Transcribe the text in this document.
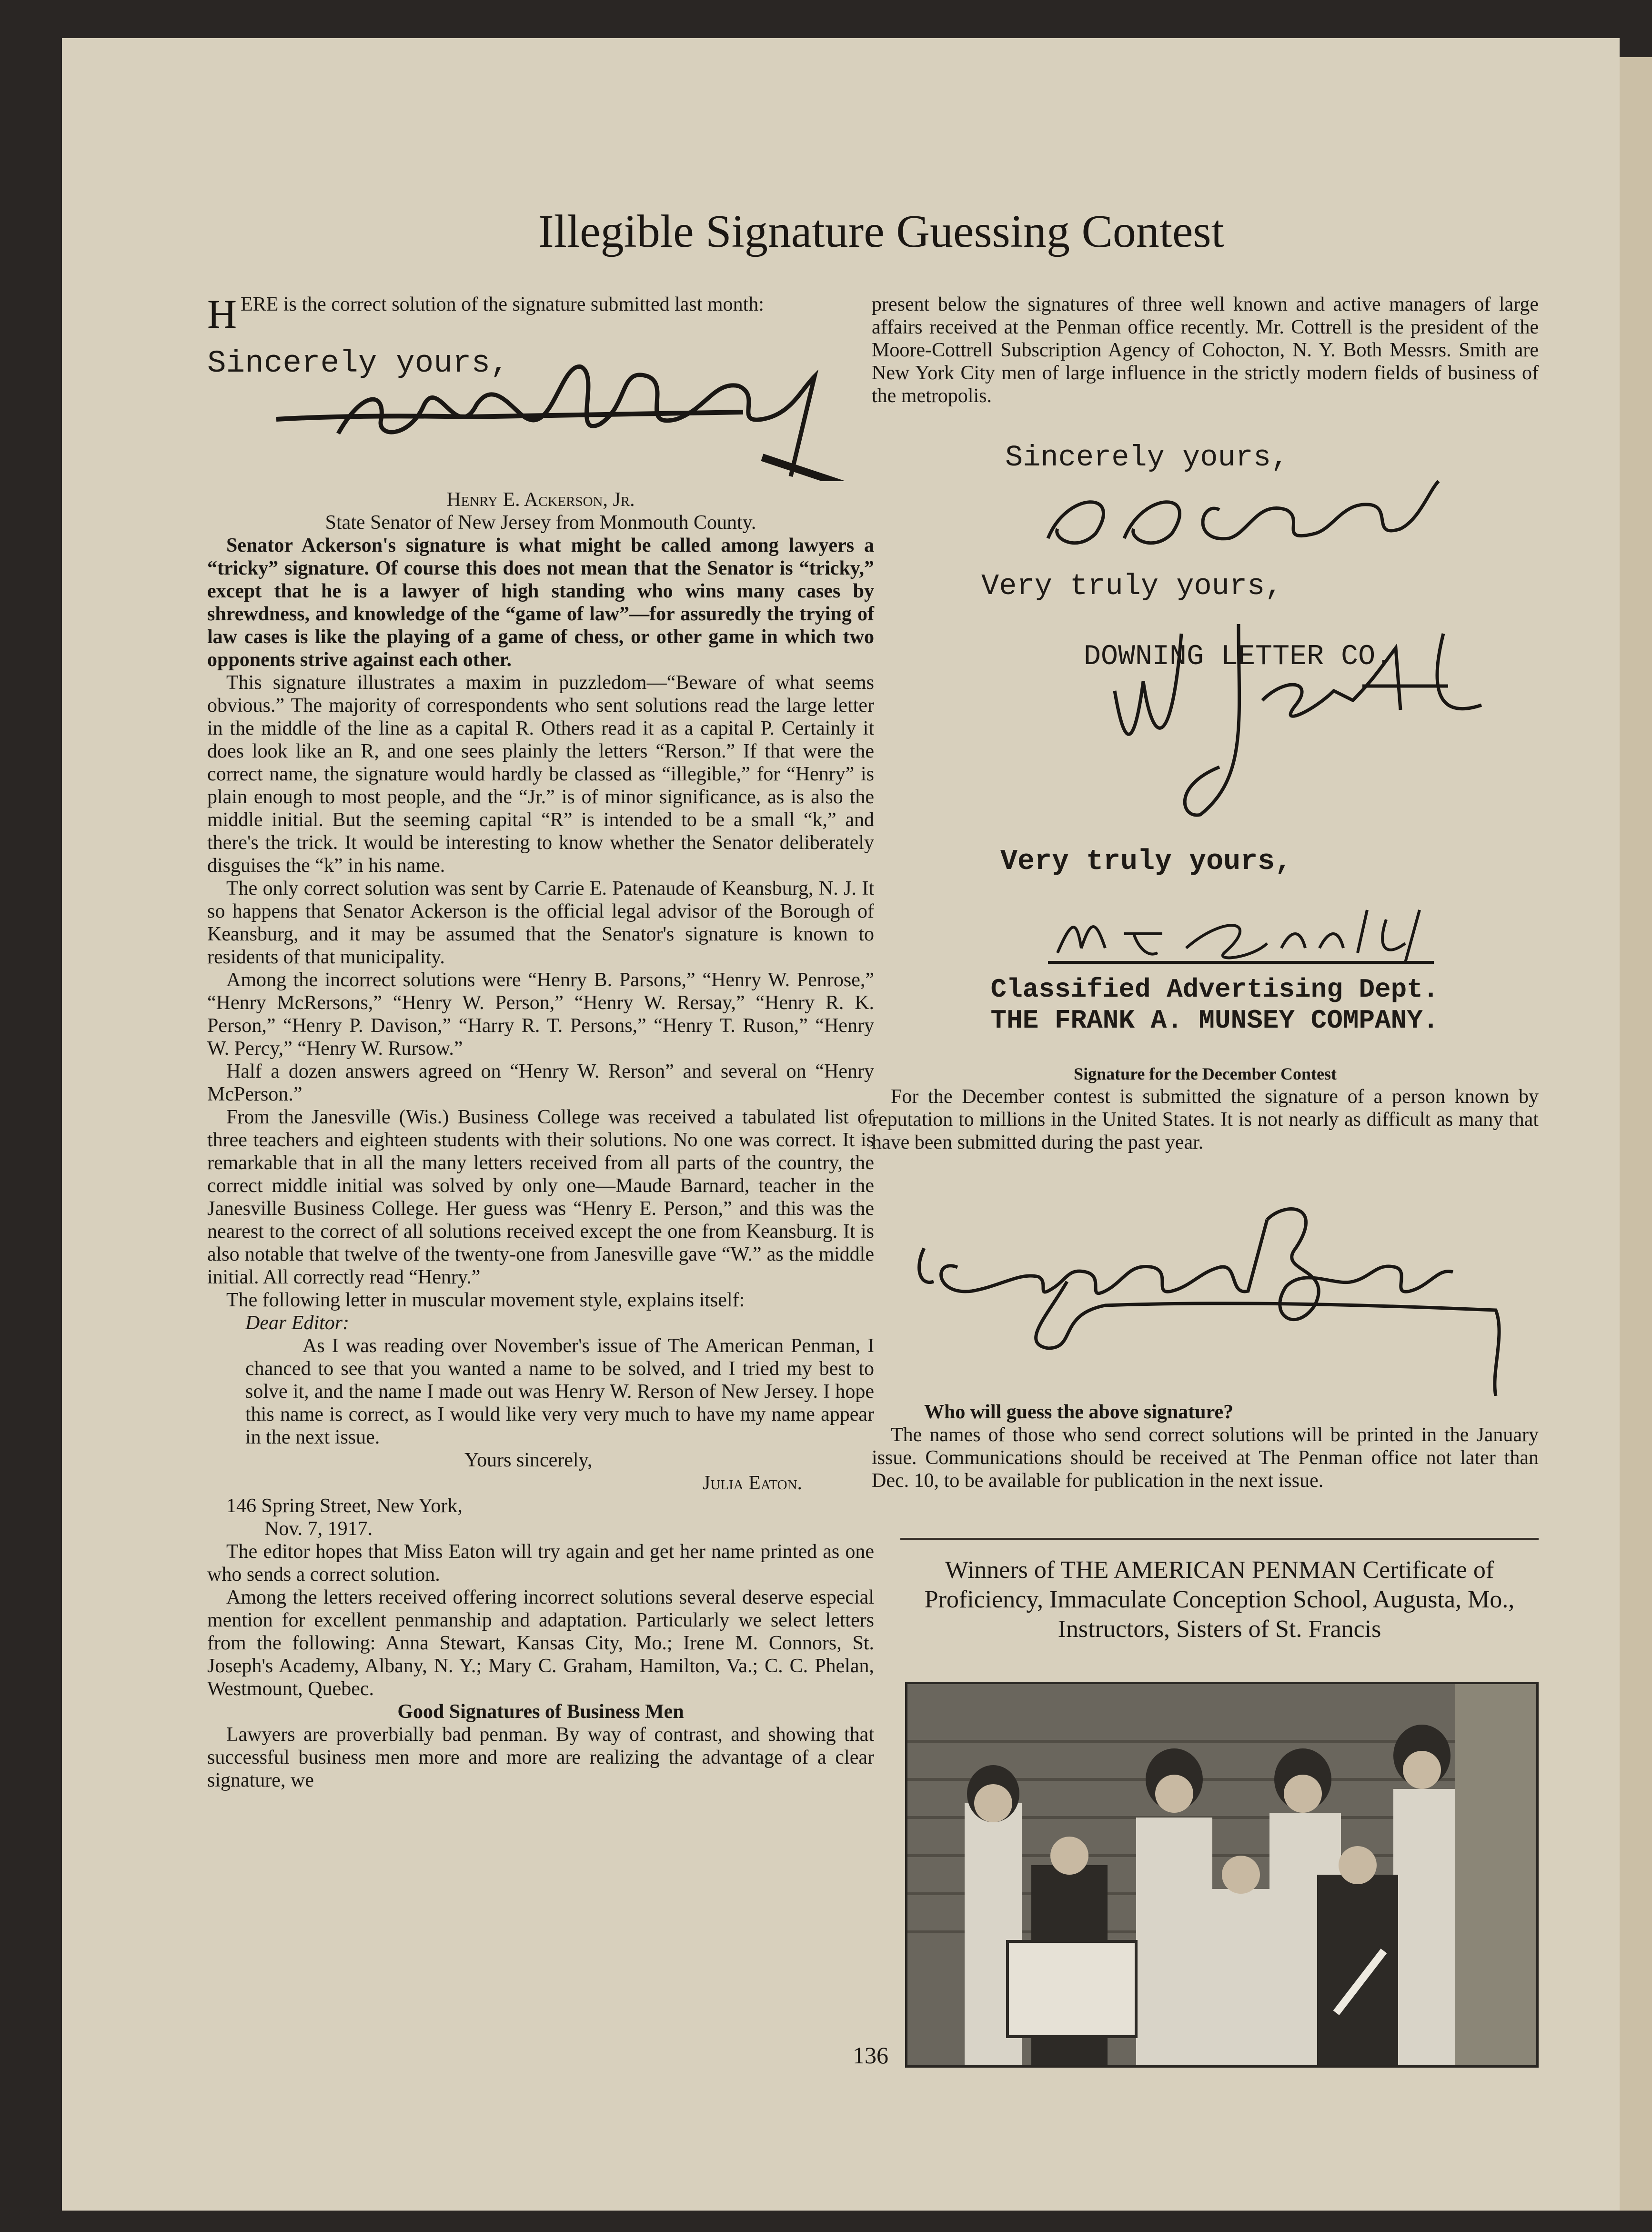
Illegible Signature Guessing Contest

HERE is the correct solution of the signature submitted last month:

Sincerely yours,

Henry E. Ackerson, Jr.

State Senator of New Jersey from Monmouth County.

Senator Ackerson's signature is what might be called among lawyers a “tricky” signature. Of course this does not mean that the Senator is “tricky,” except that he is a lawyer of high standing who wins many cases by shrewdness, and knowledge of the “game of law”—for assuredly the trying of law cases is like the playing of a game of chess, or other game in which two opponents strive against each other.

This signature illustrates a maxim in puzzledom—“Beware of what seems obvious.” The majority of correspondents who sent solutions read the large letter in the middle of the line as a capital R. Others read it as a capital P. Certainly it does look like an R, and one sees plainly the letters “Rerson.” If that were the correct name, the signature would hardly be classed as “illegible,” for “Henry” is plain enough to most people, and the “Jr.” is of minor significance, as is also the middle initial. But the seeming capital “R” is intended to be a small “k,” and there's the trick. It would be interesting to know whether the Senator deliberately disguises the “k” in his name.

The only correct solution was sent by Carrie E. Patenaude of Keansburg, N. J. It so happens that Senator Ackerson is the official legal advisor of the Borough of Keansburg, and it may be assumed that the Senator's signature is known to residents of that municipality.

Among the incorrect solutions were “Henry B. Parsons,” “Henry W. Penrose,” “Henry McRersons,” “Henry W. Person,” “Henry W. Rersay,” “Henry R. K. Person,” “Henry P. Davison,” “Harry R. T. Persons,” “Henry T. Ruson,” “Henry W. Percy,” “Henry W. Rursow.”

Half a dozen answers agreed on “Henry W. Rerson” and several on “Henry McPerson.”

From the Janesville (Wis.) Business College was received a tabulated list of three teachers and eighteen students with their solutions. No one was correct. It is remarkable that in all the many letters received from all parts of the country, the correct middle initial was solved by only one—Maude Barnard, teacher in the Janesville Business College. Her guess was “Henry E. Person,” and this was the nearest to the correct of all solutions received except the one from Keansburg. It is also notable that twelve of the twenty-one from Janesville gave “W.” as the middle initial. All correctly read “Henry.”

The following letter in muscular movement style, explains itself:

Dear Editor:

As I was reading over November's issue of The American Penman, I chanced to see that you wanted a name to be solved, and I tried my best to solve it, and the name I made out was Henry W. Rerson of New Jersey. I hope this name is correct, as I would like very very much to have my name appear in the next issue.

Yours sincerely,

Julia Eaton.

146 Spring Street, New York,

Nov. 7, 1917.

The editor hopes that Miss Eaton will try again and get her name printed as one who sends a correct solution.

Among the letters received offering incorrect solutions several deserve especial mention for excellent penmanship and adaptation. Particularly we select letters from the following: Anna Stewart, Kansas City, Mo.; Irene M. Connors, St. Joseph's Academy, Albany, N. Y.; Mary C. Graham, Hamilton, Va.; C. C. Phelan, Westmount, Quebec.

Good Signatures of Business Men

Lawyers are proverbially bad penman. By way of contrast, and showing that successful business men more and more are realizing the advantage of a clear signature, we

present below the signatures of three well known and active managers of large affairs received at the Penman office recently. Mr. Cottrell is the president of the Moore-Cottrell Subscription Agency of Cohocton, N. Y. Both Messrs. Smith are New York City men of large influence in the strictly modern fields of business of the metropolis.

Sincerely yours,
Very truly yours,
DOWNING LETTER CO.
Very truly yours,
Classified Advertising Dept.
THE FRANK A. MUNSEY COMPANY.

Signature for the December Contest

For the December contest is submitted the signature of a person known by reputation to millions in the United States. It is not nearly as difficult as many that have been submitted during the past year.

Who will guess the above signature?

The names of those who send correct solutions will be printed in the January issue. Communications should be received at The Penman office not later than Dec. 10, to be available for publication in the next issue.

Winners of THE AMERICAN PENMAN Certificate of Proficiency, Immaculate Conception School, Augusta, Mo., Instructors, Sisters of St. Francis
136
